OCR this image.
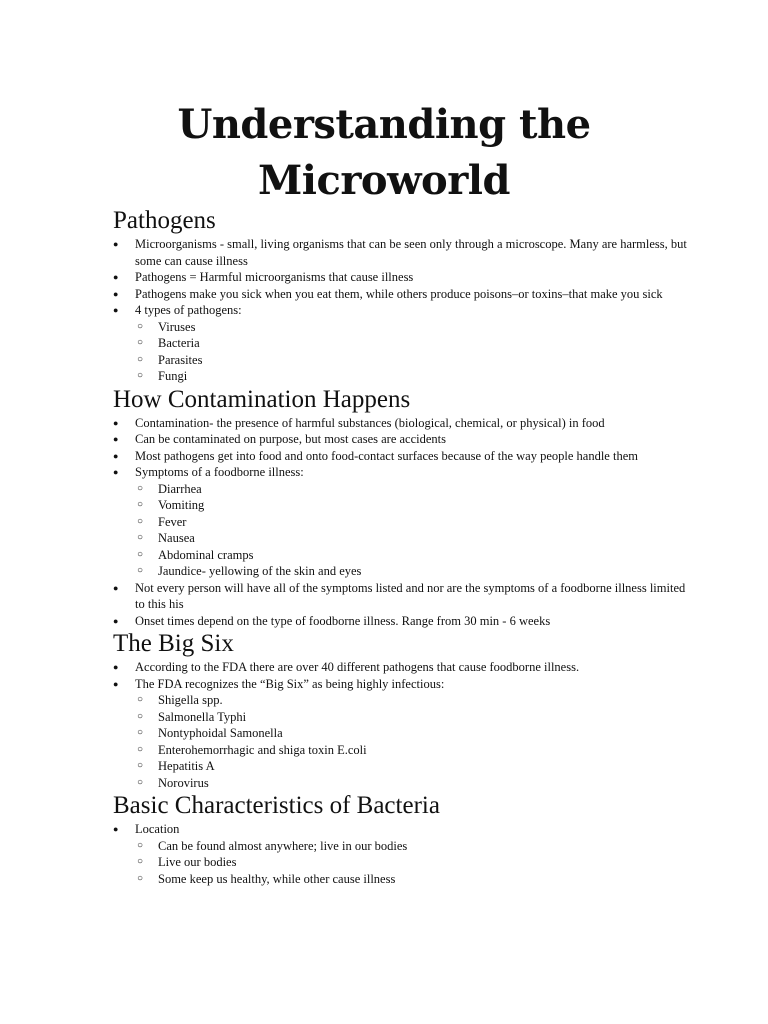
Understanding the
Microworld
Pathogens
● Microorganisms - small, living organisms that can be seen only through a microscope. Many are harmless, but some can cause illness
● Pathogens = Harmful microorganisms that cause illness
● Pathogens make you sick when you eat them, while others produce poisons–or toxins–that make you sick
● 4 types of pathogens:
○ Viruses
○ Bacteria
○ Parasites
○ Fungi
How Contamination Happens
● Contamination- the presence of harmful substances (biological, chemical, or physical) in food
● Can be contaminated on purpose, but most cases are accidents
● Most pathogens get into food and onto food-contact surfaces because of the way people handle them
● Symptoms of a foodborne illness:
○ Diarrhea
○ Vomiting
○ Fever
○ Nausea
○ Abdominal cramps
○ Jaundice- yellowing of the skin and eyes
● Not every person will have all of the symptoms listed and nor are the symptoms of a foodborne illness limited to this his
● Onset times depend on the type of foodborne illness. Range from 30 min - 6 weeks
The Big Six
● According to the FDA there are over 40 different pathogens that cause foodborne illness.
● The FDA recognizes the “Big Six” as being highly infectious:
○ Shigella spp.
○ Salmonella Typhi
○ Nontyphoidal Samonella
○ Enterohemorrhagic and shiga toxin E.coli
○ Hepatitis A
○ Norovirus
Basic Characteristics of Bacteria
● Location
○ Can be found almost anywhere; live in our bodies
○ Live our bodies
○ Some keep us healthy, while other cause illness
